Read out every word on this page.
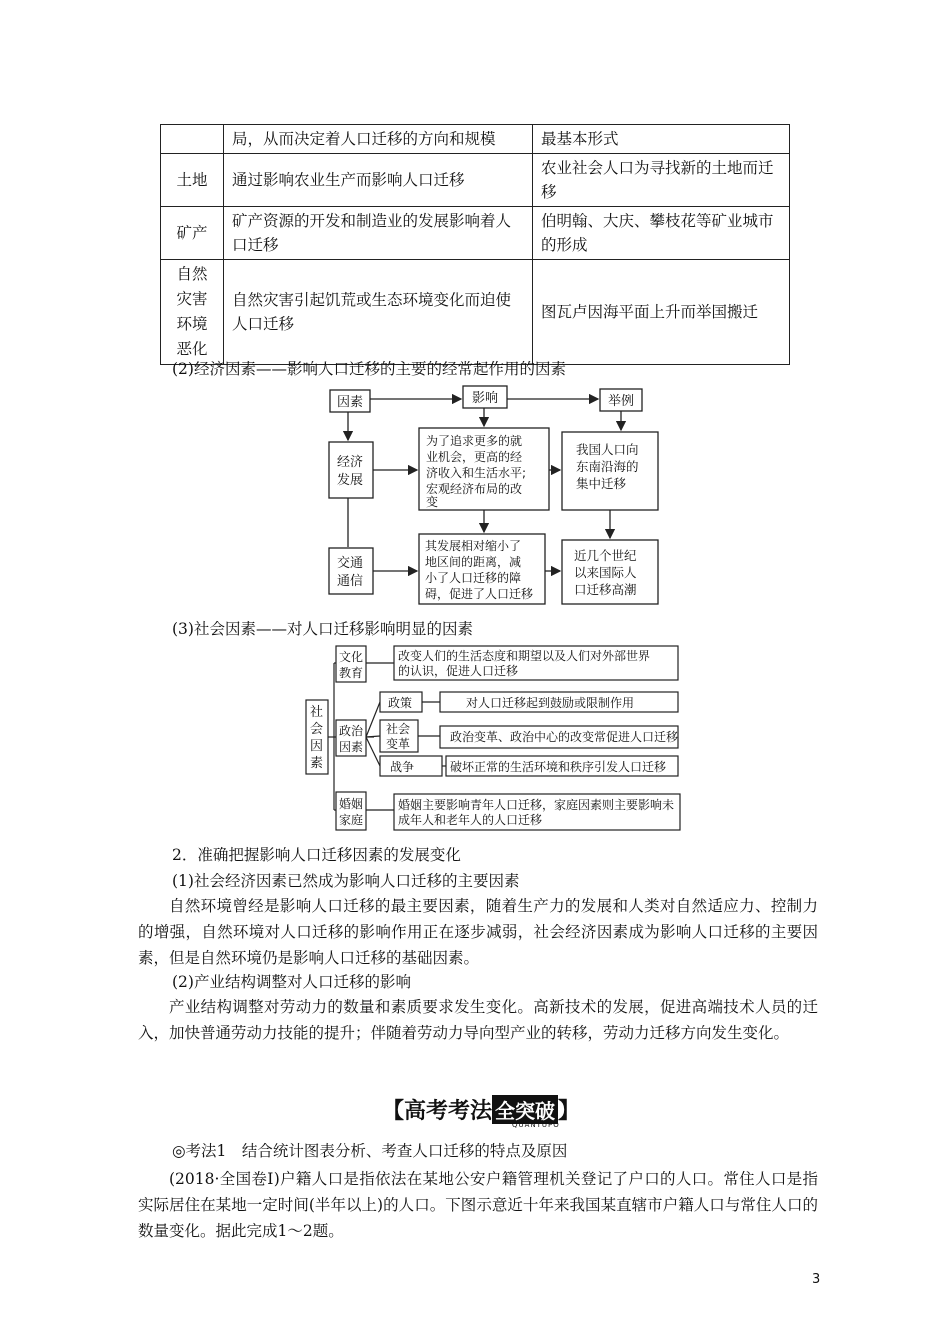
	局，从而决定着人口迁移的方向和规模	最基本形式
土地	通过影响农业生产而影响人口迁移	农业社会人口为寻找新的土地而迁移
矿产	矿产资源的开发和制造业的发展影响着人口迁移	伯明翰、大庆、攀枝花等矿业城市的形成
自然灾害环境恶化	自然灾害引起饥荒或生态环境变化而迫使人口迁移	图瓦卢因海平面上升而举国搬迁
(2)经济因素——影响人口迁移的主要的经常起作用的因素
因素	影响	举例
经济
发展
为了追求更多的就 业机会，更高的经 济收入和生活水平; 宏观经济布局的改 变
我国人口向 东南沿海的 集中迁移
交通
通信
其发展相对缩小了 地区间的距离，减 小了人口迁移的障 碍，促进了人口迁移
近几个世纪 以来国际人 口迁移高潮
(3)社会因素——对人口迁移影响明显的因素
社 会 因 素
文化 教育
改变人们的生活态度和期望以及人们对外部世界 的认识，促进人口迁移
政治 因素
政策	对人口迁移起到鼓励或限制作用
社会 变革	政治变革、政治中心的改变常促进人口迁移
战争	破坏正常的生活环境和秩序引发人口迁移
婚姻 家庭
婚姻主要影响青年人口迁移，家庭因素则主要影响未 成年人和老年人的人口迁移
2．准确把握影响人口迁移因素的发展变化
(1)社会经济因素已然成为影响人口迁移的主要因素
自然环境曾经是影响人口迁移的最主要因素，随着生产力的发展和人类对自然适应力、控制力的增强，自然环境对人口迁移的影响作用正在逐步减弱，社会经济因素成为影响人口迁移的主要因素，但是自然环境仍是影响人口迁移的基础因素。
(2)产业结构调整对人口迁移的影响
产业结构调整对劳动力的数量和素质要求发生变化。高新技术的发展，促进高端技术人员的迁入，加快普通劳动力技能的提升；伴随着劳动力导向型产业的转移，劳动力迁移方向发生变化。
【高考考法 全突破 】
QUANTUPO
◎考法1　结合统计图表分析、考查人口迁移的特点及原因
(2018·全国卷Ⅰ)户籍人口是指依法在某地公安户籍管理机关登记了户口的人口。常住人口是指实际居住在某地一定时间(半年以上)的人口。下图示意近十年来我国某直辖市户籍人口与常住人口的数量变化。据此完成1～2题。
3
